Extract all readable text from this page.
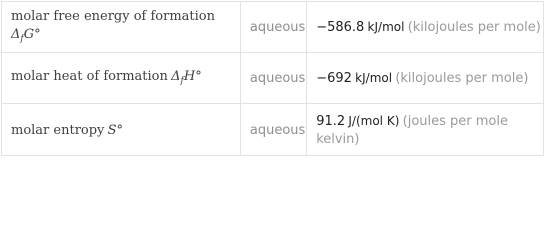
molar free energy of formation
$\Delta_fG^\circ$	aqueous	−586.8 kJ/mol (kilojoules per mole)
molar heat of formation $\Delta_fH^\circ$	aqueous	−692 kJ/mol (kilojoules per mole)
molar entropy S°	aqueous	91.2 J/(mol K) (joules per mole kelvin)
